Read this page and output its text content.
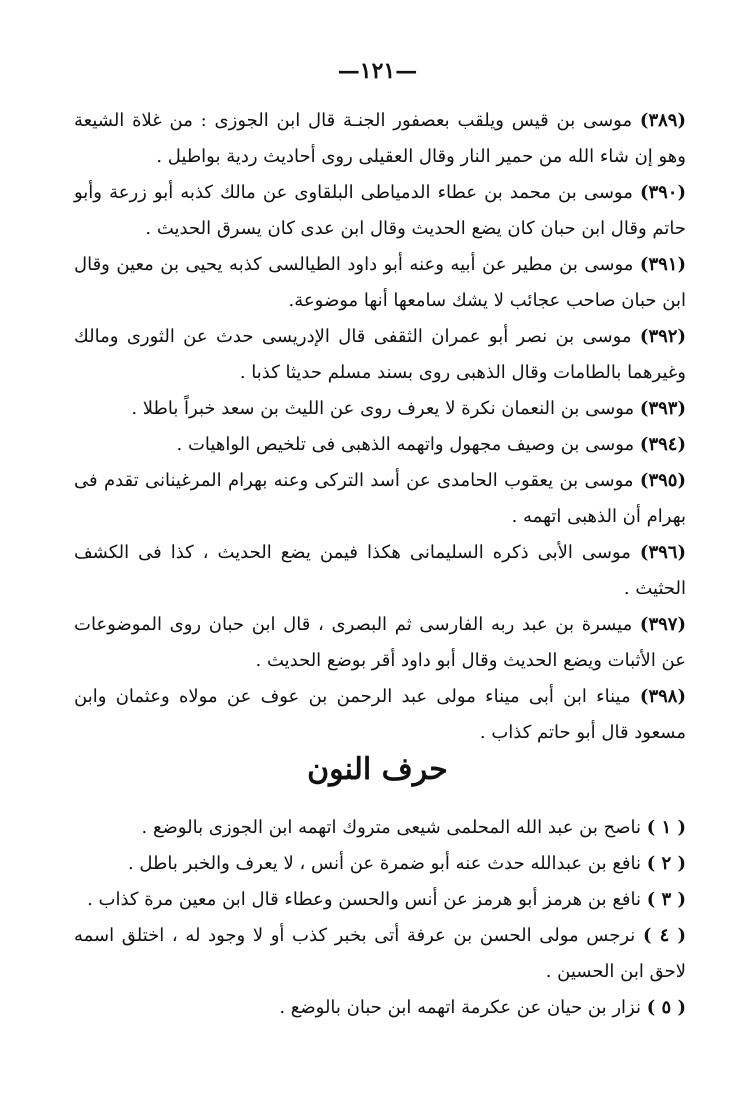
—١٢١—
(٣٨٩) موسى بن قيس ويلقب بعصفور الجنـة قال ابن الجوزى : من غلاة الشيعة وهو إن شاء الله من حمير النار وقال العقيلى روى أحاديث ردية بواطيل .
(٣٩٠) موسى بن محمد بن عطاء الدمياطى البلقاوى عن مالك كذبه أبو زرعة وأبو حاتم وقال ابن حبان كان يضع الحديث وقال ابن عدى كان يسرق الحديث .
(٣٩١) موسى بن مطير عن أبيه وعنه أبو داود الطيالسى كذبه يحيى بن معين وقال ابن حبان صاحب عجائب لا يشك سامعها أنها موضوعة.
(٣٩٢) موسى بن نصر أبو عمران الثقفى قال الإدريسى حدث عن الثورى ومالك وغيرهما بالطامات وقال الذهبى روى بسند مسلم حديثا كذبا .
(٣٩٣) موسى بن النعمان نكرة لا يعرف روى عن الليث بن سعد خبراً باطلا .
(٣٩٤) موسى بن وصيف مجهول واتهمه الذهبى فى تلخيص الواهيات .
(٣٩٥) موسى بن يعقوب الحامدى عن أسد التركى وعنه بهرام المرغينانى تقدم فى بهرام أن الذهبى اتهمه .
(٣٩٦) موسى الأبى ذكره السليمانى هكذا فيمن يضع الحديث ، كذا فى الكشف الحثيث .
(٣٩٧) ميسرة بن عبد ربه الفارسى ثم البصرى ، قال ابن حبان روى الموضوعات عن الأثبات ويضع الحديث وقال أبو داود أقر بوضع الحديث .
(٣٩٨) ميناء ابن أبى ميناء مولى عبد الرحمن بن عوف عن مولاه وعثمان وابن مسعود قال أبو حاتم كذاب .
حرف النون
( ١ ) ناصح بن عبد الله المحلمى شيعى متروك اتهمه ابن الجوزى بالوضع .
( ٢ ) نافع بن عبدالله حدث عنه أبو ضمرة عن أنس ، لا يعرف والخبر باطل .
( ٣ ) نافع بن هرمز أبو هرمز عن أنس والحسن وعطاء قال ابن معين مرة كذاب .
( ٤ ) نرجس مولى الحسن بن عرفة أتى بخبر كذب أو لا وجود له ، اختلق اسمه لاحق ابن الحسين .
( ٥ ) نزار بن حيان عن عكرمة اتهمه ابن حبان بالوضع .
